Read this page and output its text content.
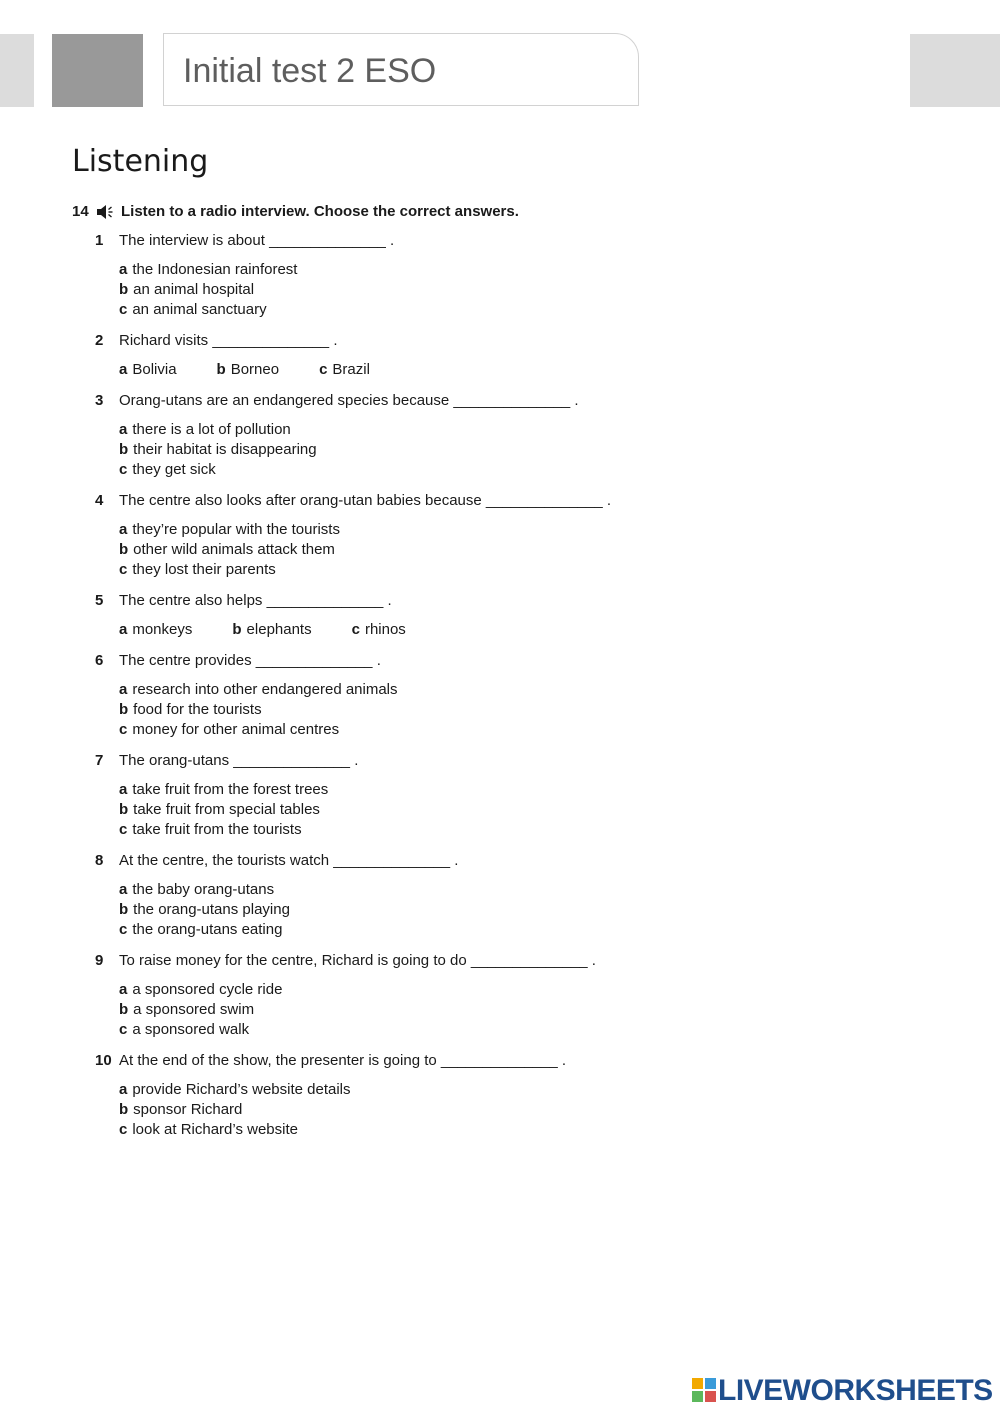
Initial test 2 ESO
Listening
14 Listen to a radio interview. Choose the correct answers.
1 The interview is about ______________ .
a the Indonesian rainforest
b an animal hospital
c an animal sanctuary
2 Richard visits ______________ .
a Bolivia	b Borneo	c Brazil
3 Orang-utans are an endangered species because ______________ .
a there is a lot of pollution
b their habitat is disappearing
c they get sick
4 The centre also looks after orang-utan babies because ______________ .
a they’re popular with the tourists
b other wild animals attack them
c they lost their parents
5 The centre also helps ______________ .
a monkeys	b elephants	c rhinos
6 The centre provides ______________ .
a research into other endangered animals
b food for the tourists
c money for other animal centres
7 The orang-utans ______________ .
a take fruit from the forest trees
b take fruit from special tables
c take fruit from the tourists
8 At the centre, the tourists watch ______________ .
a the baby orang-utans
b the orang-utans playing
c the orang-utans eating
9 To raise money for the centre, Richard is going to do ______________ .
a a sponsored cycle ride
b a sponsored swim
c a sponsored walk
10 At the end of the show, the presenter is going to ______________ .
a provide Richard’s website details
b sponsor Richard
c look at Richard’s website
LIVEWORKSHEETS
